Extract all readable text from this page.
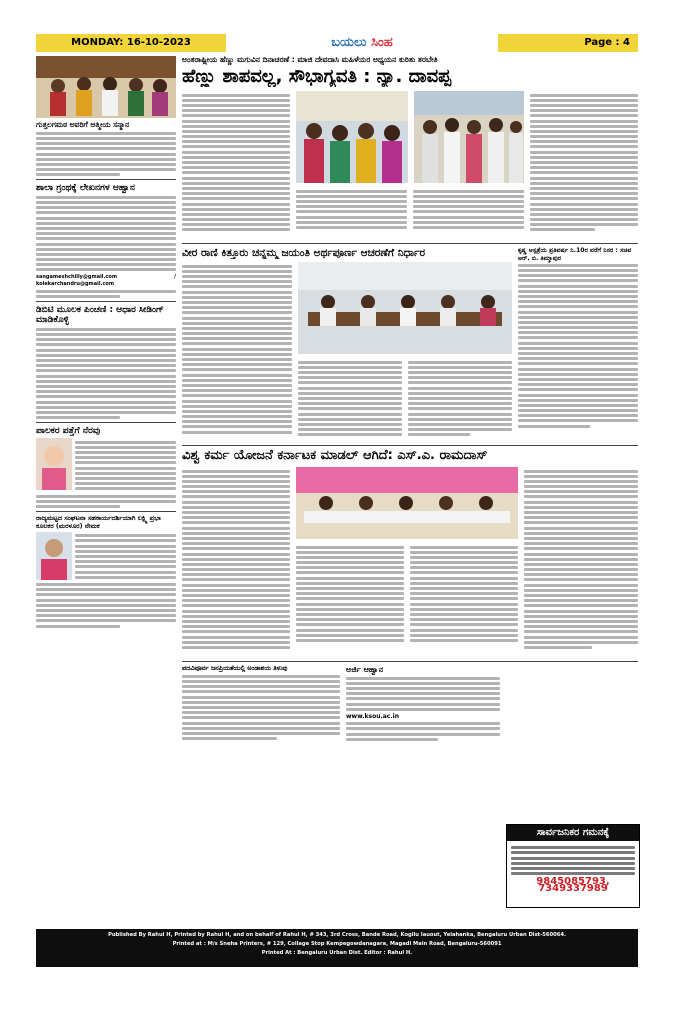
MONDAY: 16-10-2023	ಬಯಲು ಸಿಂಹ	Page : 4
ಗುತ್ತಲಗಮಠ ಅವರಿಗೆ ಆತ್ಮೀಯ ಸನ್ಮಾನ
ಶಾಲಾ ಗ್ರಂಥಕ್ಕೆ ಲೇಖನಗಳ ಆಹ್ವಾನ
sangameshchilly@gmail.com / kolekarchandru@gmail.com
ಡಿಬಿಟಿ ಮೂಲಕ ಪಿಂಚಣಿ : ಆಧಾರ ಸೀಡಿಂಗ್ ಮಾಡಿಕೊಳ್ಳಿ
ಪಾಲಕರ ಪತ್ತೆಗೆ ನೆರವು
ರಾಜ್ಯಮಟ್ಟದ ಸಂಘಟನಾ ಸಹಕಾರ್ಯದರ್ಶಿಯಾಗಿ ಲಕ್ಷ್ಮಿ ಪ್ರಭಾ ಕೂಲಕರ (ಮರಳೂರ) ನೇಮಕ
ಅಂತರಾಷ್ಟ್ರೀಯ ಹೆಣ್ಣು ಮಗುವಿನ ದಿನಾಚರಣೆ : ಮಾಜಿ ದೇವದಾಸಿ ಮಹಿಳೆಯರ ಅಧ್ಯಯನ ಕುರಿತು ತರಬೇತಿ
ಹೆಣ್ಣು ಶಾಪವಲ್ಲ, ಸೌಭಾಗ್ಯವತಿ : ನ್ಯಾ. ದಾವಪ್ಪ
ವೀರ ರಾಣಿ ಕಿತ್ತೂರು ಚನ್ನಮ್ಮ ಜಯಂತಿ ಅರ್ಥಪೂರ್ಣ ಆಚರಣೆಗೆ ನಿರ್ಧಾರ	ಕೃಷ್ಣ ಆಸ್ಪತ್ರೆಯ ಪ್ರತಿವರ್ಷ ನಿ.10ರ ವರೆಗೆ ನಿಸರ : ಸಚಿವ ಆರ್. ಬಿ. ತಿಮ್ಮಾಪುರ
ವಿಶ್ವ ಕರ್ಮ ಯೋಜನೆ ಕರ್ನಾಟಕ ಮಾಡಲ್ ಆಗಿದೆ: ಎಸ್.ಎ. ರಾಮದಾಸ್
ಪದವಿಪೂರ್ವ ಜನಪ್ರಿಯತೆಯಲ್ಲಿ ಅಂಡಾಶಯ ತಿಳುವು	ಅರ್ಜಿ ಆಹ್ವಾನ
www.ksou.ac.in
ಸಾರ್ವಜನಿಕರ ಗಮನಕ್ಕೆ
9845085793, 7349337989
Published By Rahul H, Printed by Rahul H, and on behalf of Rahul H, # 343, 3rd Cross, Bande Road, Kogilu Iauout, Yelahanka, Bengaluru Urban Dist-560064.
Printed at : M/s Sneha Printers, # 129, Collage Stop Kempegowdanagara, Magadi Main Road, Bengaluru-560091
Printed At : Bengaluru Urban Dist. Editor : Rahul H.
